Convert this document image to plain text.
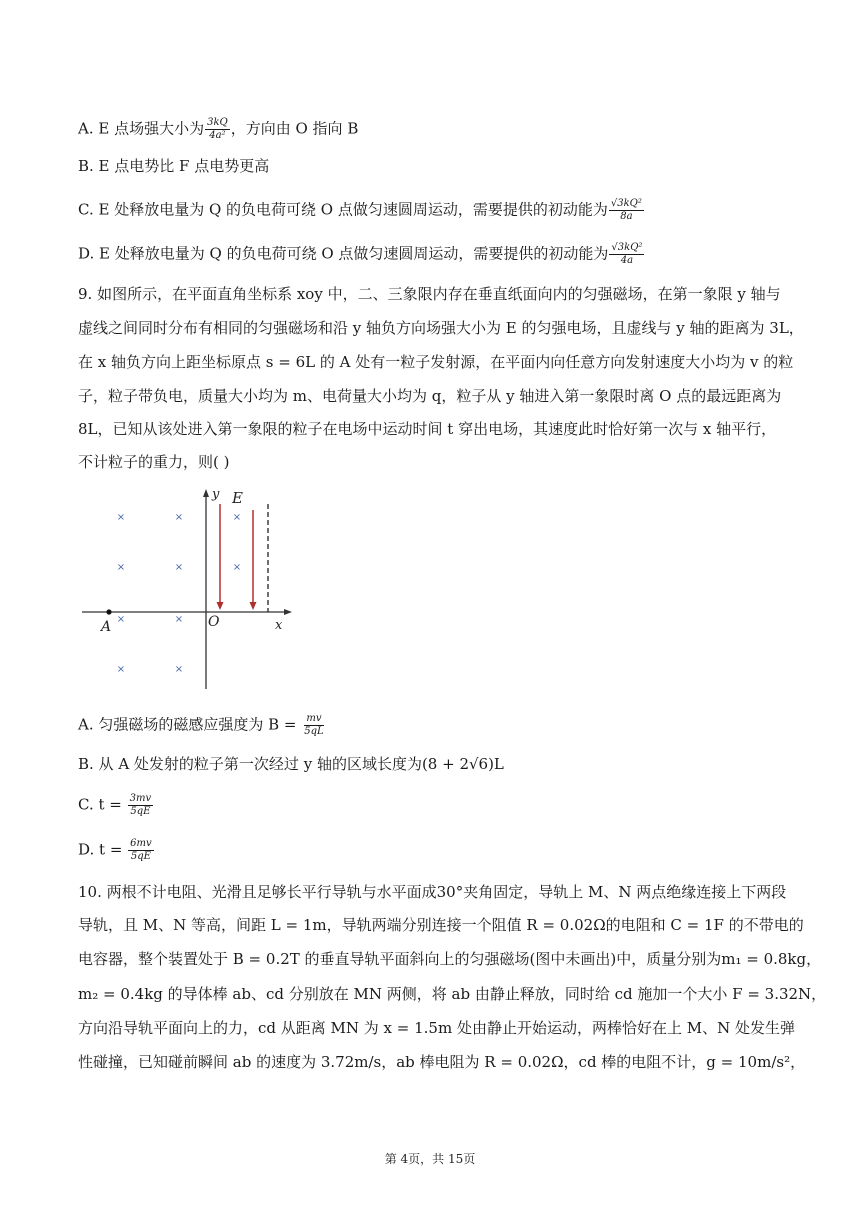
A. E 点场强大小为 $\frac{3kQ}{\text{4a²}}$ ，方向由 O 指向 B
B. E 点电势比 F 点电势更高
C. E 处释放电量为 Q 的负电荷可绕 O 点做匀速圆周运动，需要提供的初动能为 $\frac{\text{√3kQ²}}{8a}$
D. E 处释放电量为 Q 的负电荷可绕 O 点做匀速圆周运动，需要提供的初动能为 $\frac{\text{√3kQ²}}{4a}$
9. 如图所示，在平面直角坐标系 xoy 中，二、三象限内存在垂直纸面向内的匀强磁场，在第一象限 y 轴与
虚线之间同时分布有相同的匀强磁场和沿 y 轴负方向场强大小为 E 的匀强电场，且虚线与 y 轴的距离为 3L，
在 x 轴负方向上距坐标原点 s = 6L 的 A 处有一粒子发射源，在平面内向任意方向发射速度大小均为 v 的粒
子，粒子带负电，质量大小均为 m、电荷量大小均为 q，粒子从 y 轴进入第一象限时离 O 点的最远距离为
8L，已知从该处进入第一象限的粒子在电场中运动时间 t 穿出电场，其速度此时恰好第一次与 x 轴平行，
不计粒子的重力，则( )
×	×	×
×	×	×
×	×
×	×
y E
O	x
A
A. 匀强磁场的磁感应强度为 $B = \frac{mv}{5qL}$
B. 从 A 处发射的粒子第一次经过 y 轴的区域长度为(8 + 2√6)L
C. $t = \frac{3mv}{5qE}$
D. $t = \frac{6mv}{5qE}$
10. 两根不计电阻、光滑且足够长平行导轨与水平面成30°夹角固定，导轨上 M、N 两点绝缘连接上下两段
导轨，且 M、N 等高，间距 L = 1m，导轨两端分别连接一个阻值 R = 0.02Ω的电阻和 C = 1F 的不带电的
电容器，整个装置处于 B = 0.2T 的垂直导轨平面斜向上的匀强磁场(图中未画出)中，质量分别为m₁ = 0.8kg，
m₂ = 0.4kg 的导体棒 ab、cd 分别放在 MN 两侧，将 ab 由静止释放，同时给 cd 施加一个大小 F = 3.32N，
方向沿导轨平面向上的力，cd 从距离 MN 为 x = 1.5m 处由静止开始运动，两棒恰好在上 M、N 处发生弹
性碰撞，已知碰前瞬间 ab 的速度为 3.72m/s，ab 棒电阻为 R = 0.02Ω，cd 棒的电阻不计，g = 10m/s²，
第 4页，共 15页
